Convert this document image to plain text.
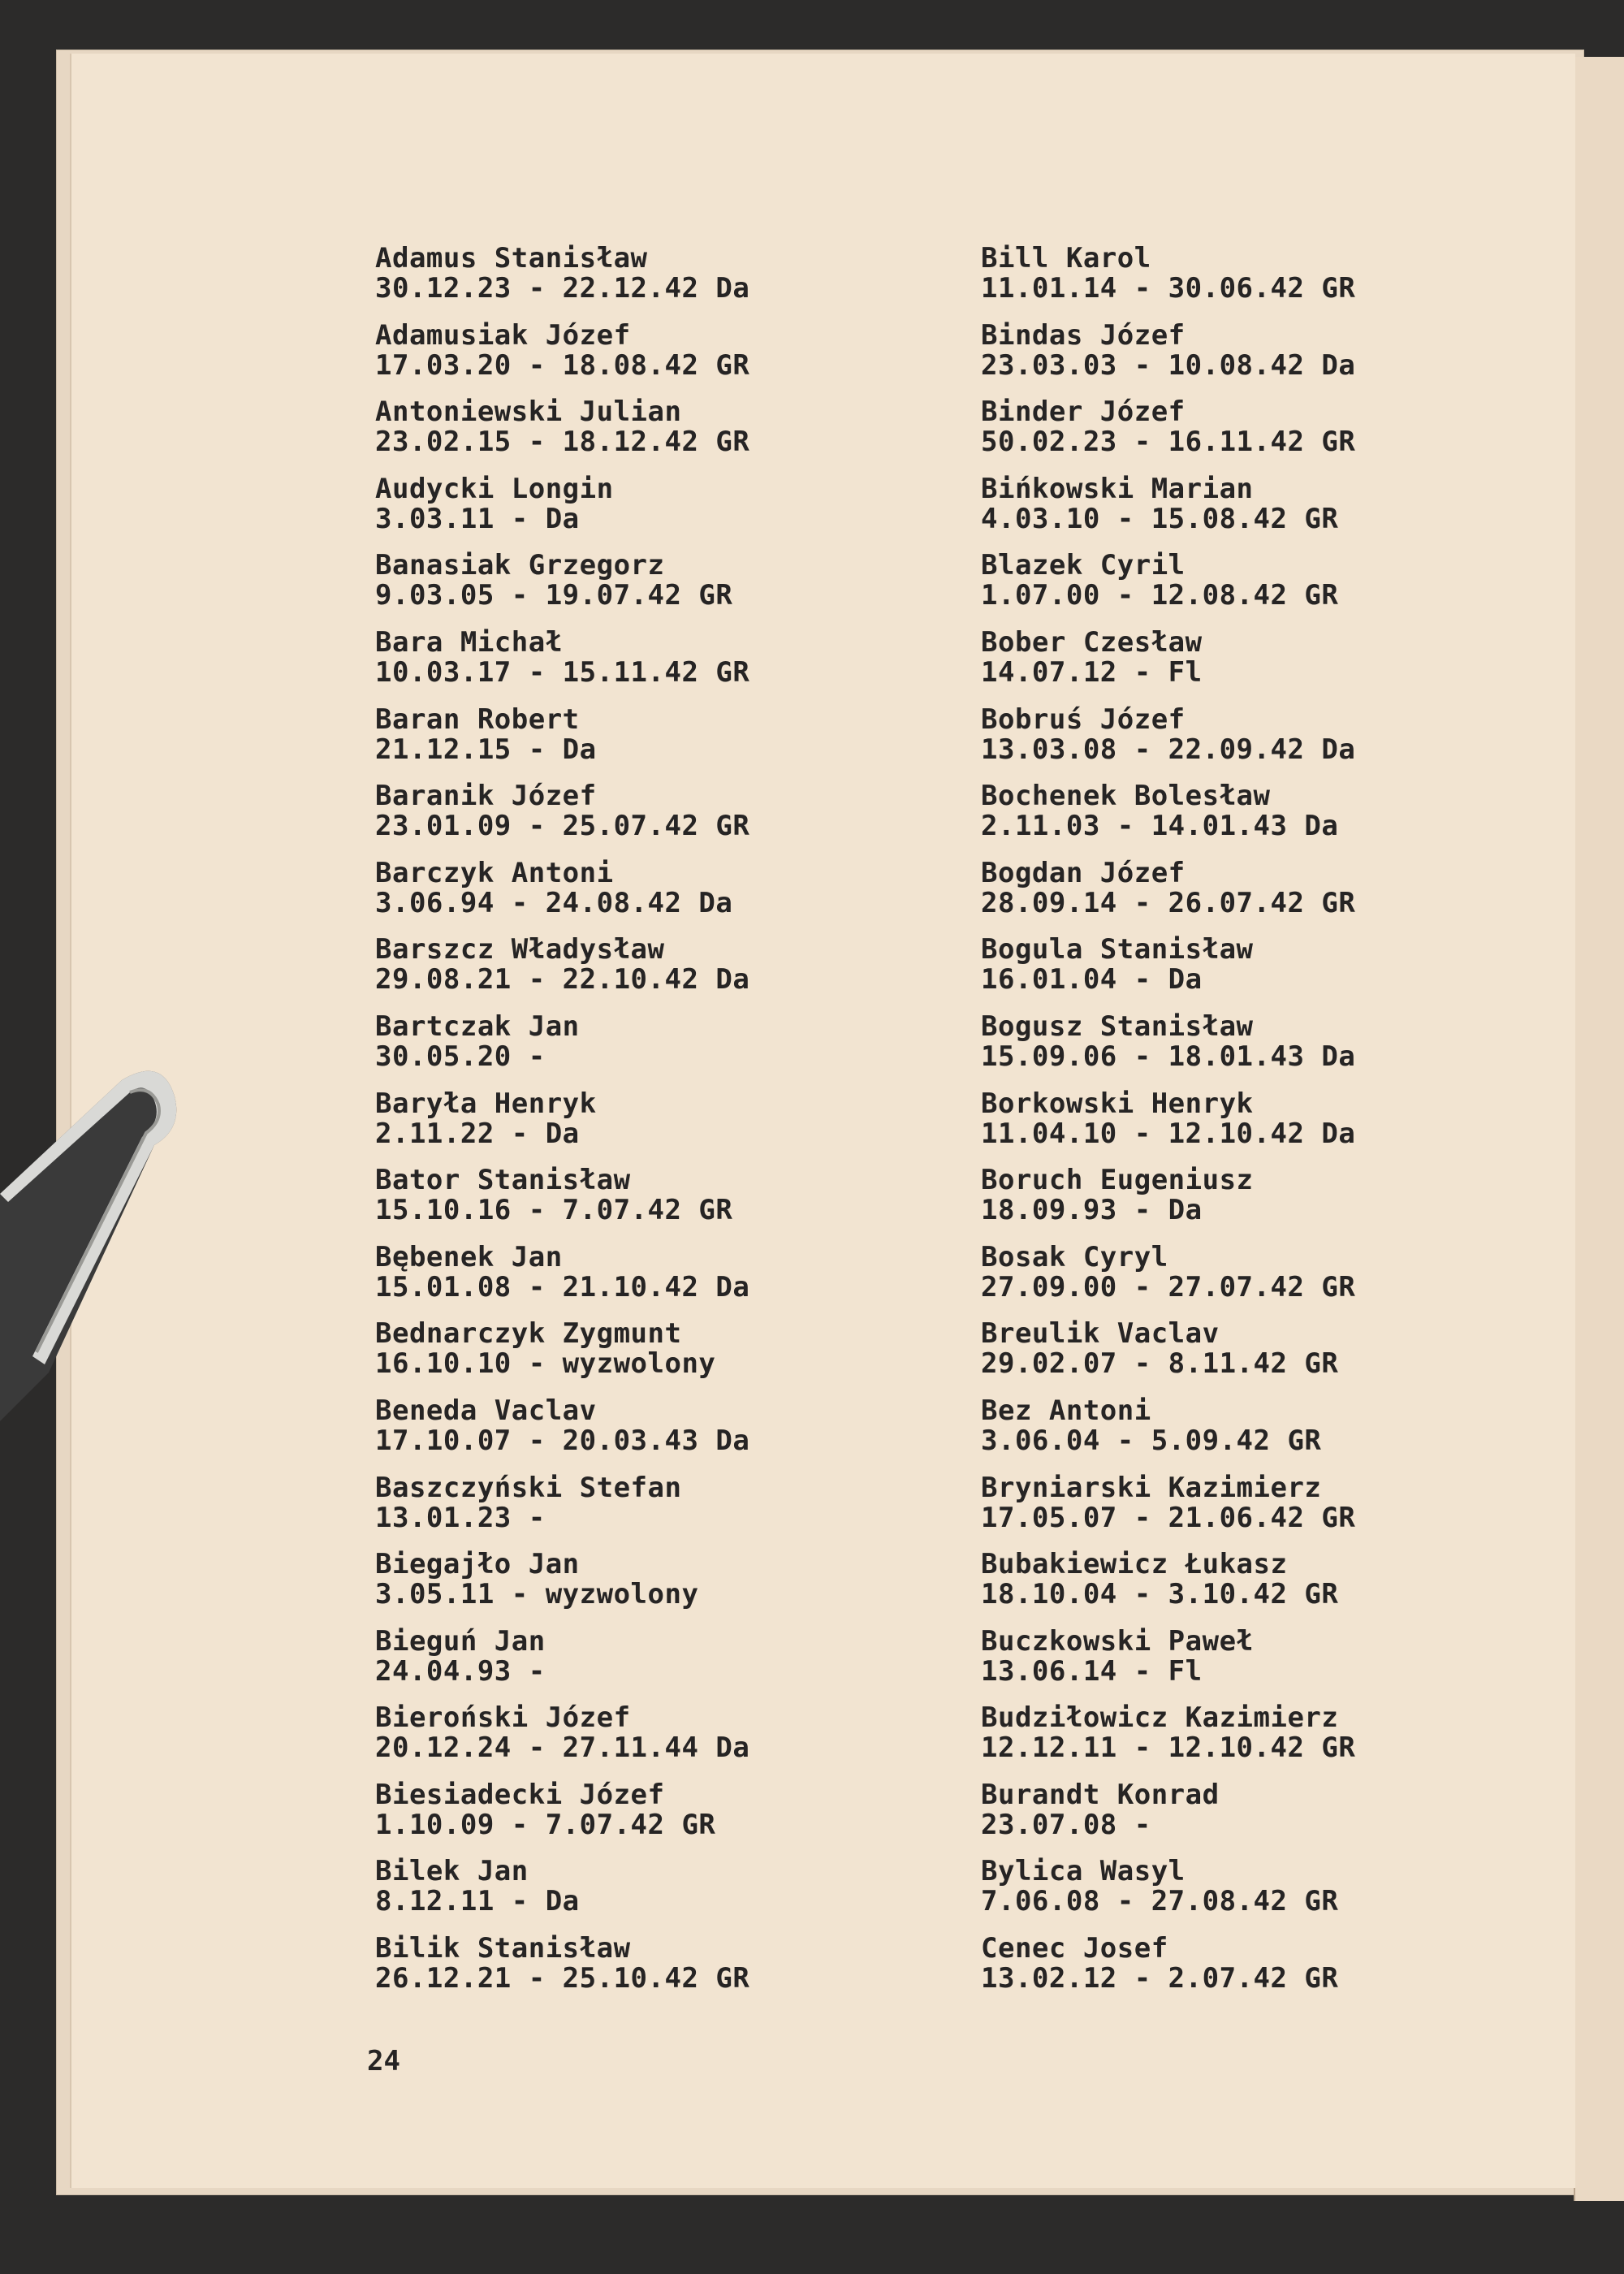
Adamus Stanisław
30.12.23 - 22.12.42 Da
Adamusiak Józef
17.03.20 - 18.08.42 GR
Antoniewski Julian
23.02.15 - 18.12.42 GR
Audycki Longin
3.03.11 - Da
Banasiak Grzegorz
9.03.05 - 19.07.42 GR
Bara Michał
10.03.17 - 15.11.42 GR
Baran Robert
21.12.15 - Da
Baranik Józef
23.01.09 - 25.07.42 GR
Barczyk Antoni
3.06.94 - 24.08.42 Da
Barszcz Władysław
29.08.21 - 22.10.42 Da
Bartczak Jan
30.05.20 -
Baryła Henryk
2.11.22 - Da
Bator Stanisław
15.10.16 - 7.07.42 GR
Bębenek Jan
15.01.08 - 21.10.42 Da
Bednarczyk Zygmunt
16.10.10 - wyzwolony
Beneda Vaclav
17.10.07 - 20.03.43 Da
Baszczyński Stefan
13.01.23 -
Biegajło Jan
3.05.11 - wyzwolony
Bieguń Jan
24.04.93 -
Bieroński Józef
20.12.24 - 27.11.44 Da
Biesiadecki Józef
1.10.09 - 7.07.42 GR
Bilek Jan
8.12.11 - Da
Bilik Stanisław
26.12.21 - 25.10.42 GR
Bill Karol
11.01.14 - 30.06.42 GR
Bindas Józef
23.03.03 - 10.08.42 Da
Binder Józef
50.02.23 - 16.11.42 GR
Bińkowski Marian
4.03.10 - 15.08.42 GR
Blazek Cyril
1.07.00 - 12.08.42 GR
Bober Czesław
14.07.12 - Fl
Bobruś Józef
13.03.08 - 22.09.42 Da
Bochenek Bolesław
2.11.03 - 14.01.43 Da
Bogdan Józef
28.09.14 - 26.07.42 GR
Bogula Stanisław
16.01.04 - Da
Bogusz Stanisław
15.09.06 - 18.01.43 Da
Borkowski Henryk
11.04.10 - 12.10.42 Da
Boruch Eugeniusz
18.09.93 - Da
Bosak Cyryl
27.09.00 - 27.07.42 GR
Breulik Vaclav
29.02.07 - 8.11.42 GR
Bez Antoni
3.06.04 - 5.09.42 GR
Bryniarski Kazimierz
17.05.07 - 21.06.42 GR
Bubakiewicz Łukasz
18.10.04 - 3.10.42 GR
Buczkowski Paweł
13.06.14 - Fl
Budziłowicz Kazimierz
12.12.11 - 12.10.42 GR
Burandt Konrad
23.07.08 -
Bylica Wasyl
7.06.08 - 27.08.42 GR
Cenec Josef
13.02.12 - 2.07.42 GR
24
